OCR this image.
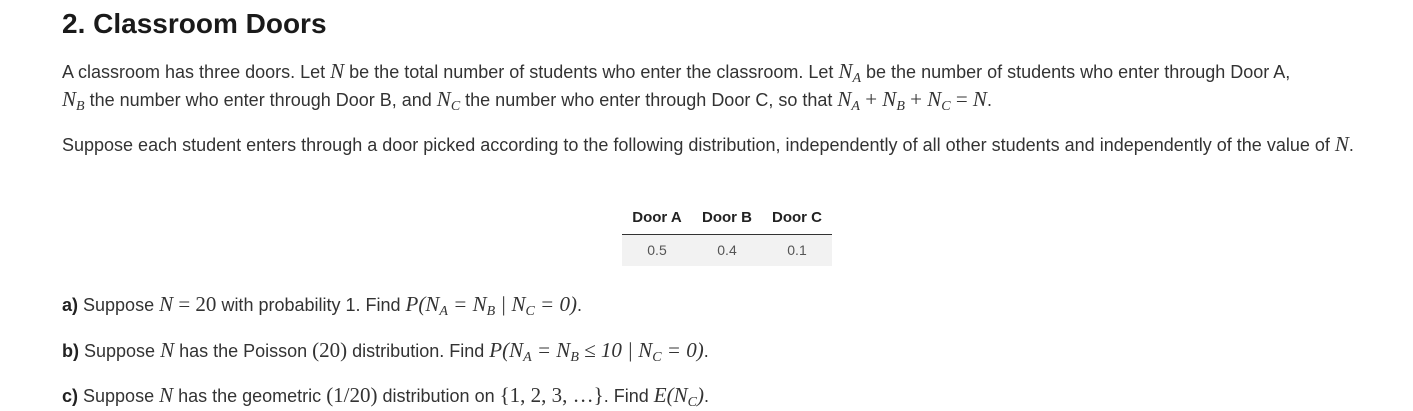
2. Classroom Doors

A classroom has three doors. Let N be the total number of students who enter the classroom. Let $N_A$ be the number of students who enter through Door A,
$N_B$ the number who enter through Door B, and $N_C$ the number who enter through Door C, so that $N_A + N_B + N_C = N$.

Suppose each student enters through a door picked according to the following distribution, independently of all other students and independently of the value of N.

Door A	Door B	Door C
0.5	0.4	0.1

a) Suppose N = 20 with probability 1. Find $P(N_A = N_B$ | $N_C = 0$).

b) Suppose N has the Poisson (20) distribution. Find $P(N_A = N_B \le 10$ | $N_C = 0$).

c) Suppose N has the geometric (1/20) distribution on {1, 2, 3, …}. Find $E(N_C)$.
